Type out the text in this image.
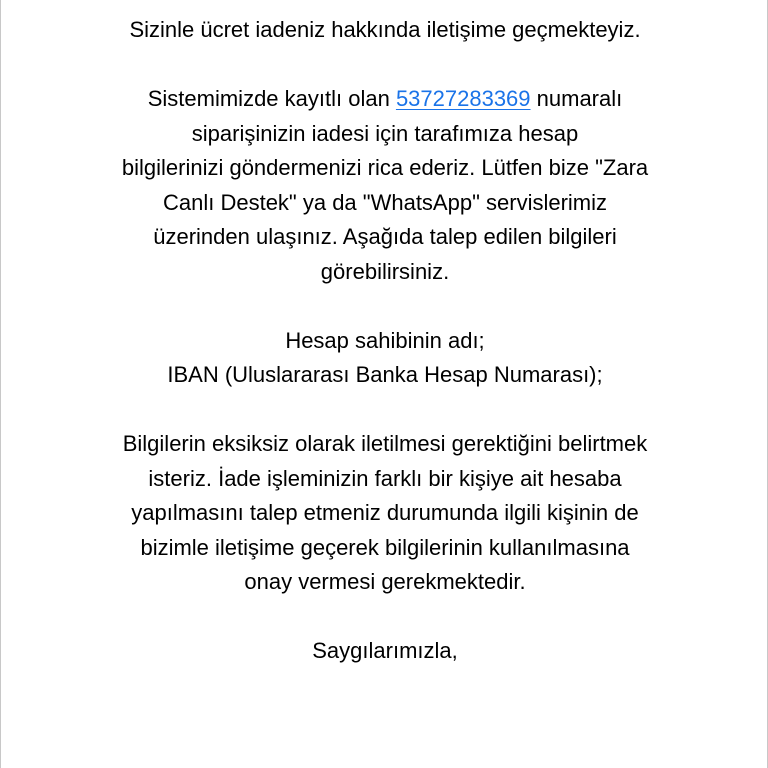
Sizinle ücret iadeniz hakkında iletişime geçmekteyiz.

Sistemimizde kayıtlı olan 53727283369 numaralı
siparişinizin iadesi için tarafımıza hesap
bilgilerinizi göndermenizi rica ederiz. Lütfen bize "Zara
Canlı Destek" ya da "WhatsApp" servislerimiz
üzerinden ulaşınız. Aşağıda talep edilen bilgileri
görebilirsiniz.

Hesap sahibinin adı;
IBAN (Uluslararası Banka Hesap Numarası);

Bilgilerin eksiksiz olarak iletilmesi gerektiğini belirtmek
isteriz. İade işleminizin farklı bir kişiye ait hesaba
yapılmasını talep etmeniz durumunda ilgili kişinin de
bizimle iletişime geçerek bilgilerinin kullanılmasına
onay vermesi gerekmektedir.

Saygılarımızla,
